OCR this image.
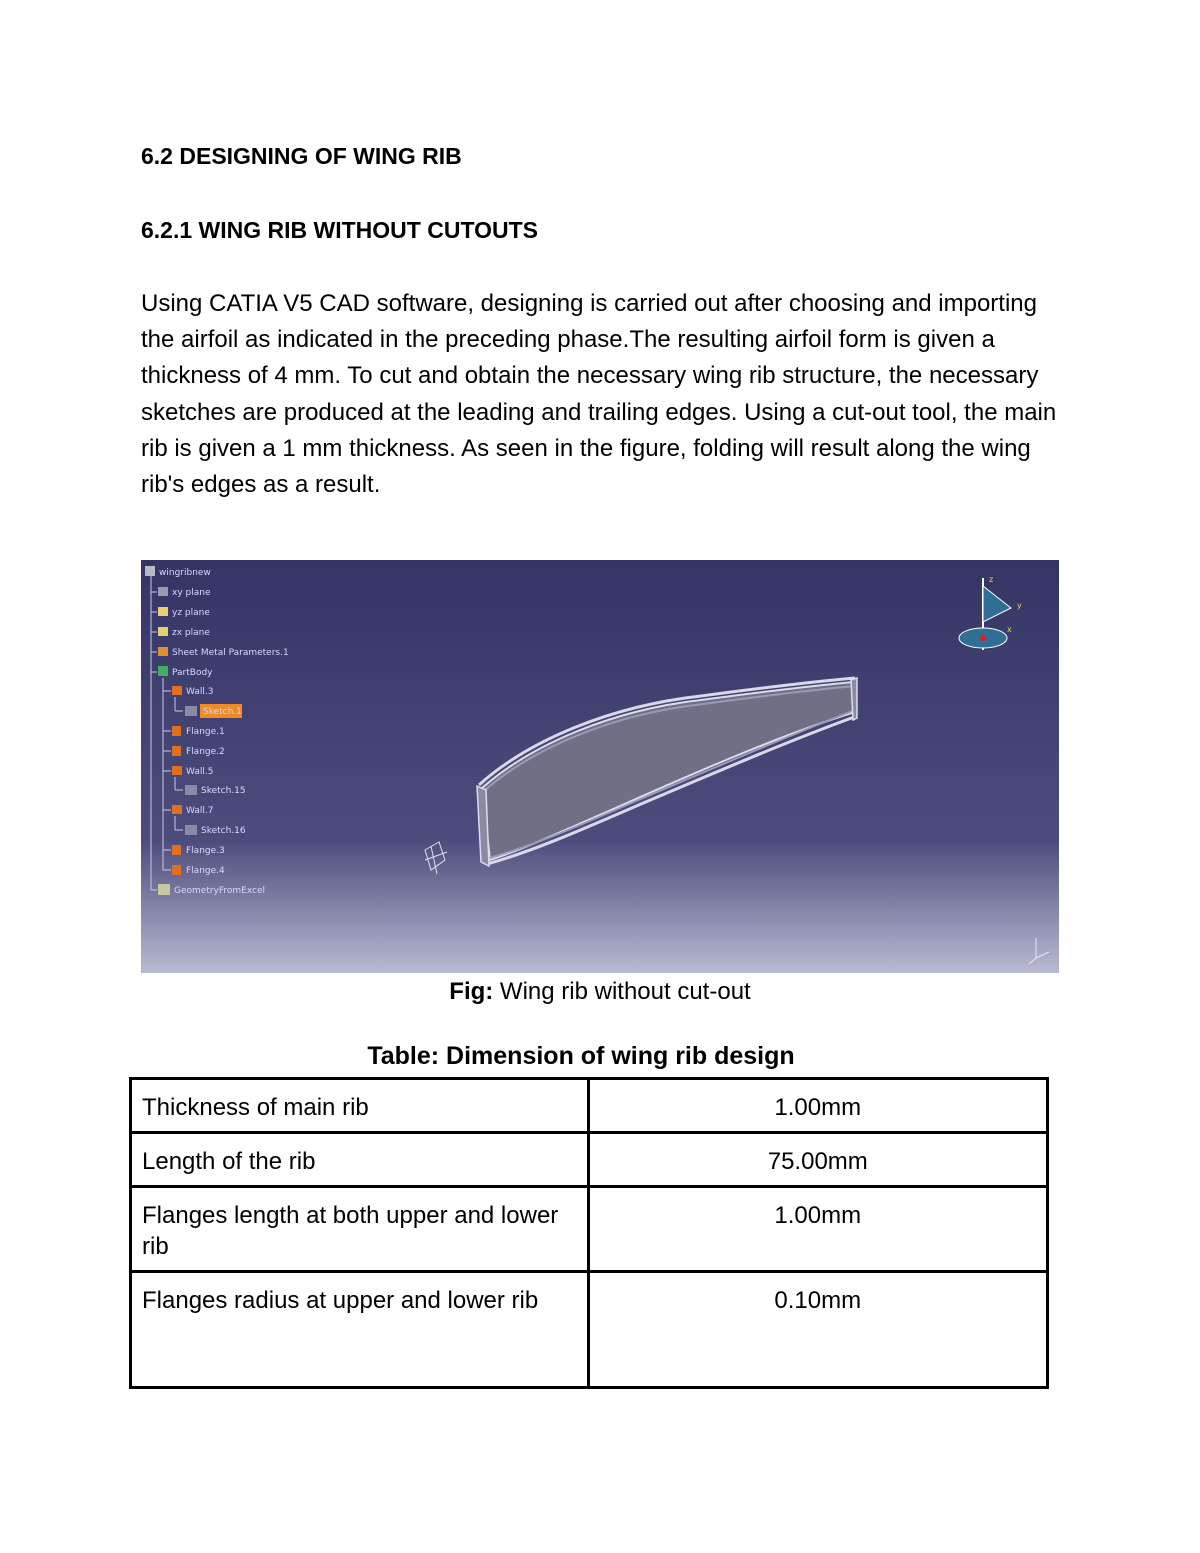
6.2 DESIGNING OF WING RIB
6.2.1 WING RIB WITHOUT CUTOUTS

Using CATIA V5 CAD software, designing is carried out after choosing and importing the airfoil as indicated in the preceding phase.The resulting airfoil form is given a thickness of 4 mm. To cut and obtain the necessary wing rib structure, the necessary sketches are produced at the leading and trailing edges. Using a cut-out tool, the main rib is given a 1 mm thickness. As seen in the figure, folding will result along the wing rib's edges as a result.

wingribnew
xy plane
yz plane
zx plane
Sheet Metal Parameters.1
PartBody
Wall.3
Sketch.1
Flange.1
Flange.2
Wall.5
Sketch.15
Wall.7
Sketch.16
Flange.3
Flange.4
GeometryFromExcel
z
y
x

Fig: Wing rib without cut-out

Table: Dimension of wing rib design

Thickness of main rib	1.00mm
Length of the rib	75.00mm
Flanges length at both upper and lower rib	1.00mm
Flanges radius at upper and lower rib	0.10mm
